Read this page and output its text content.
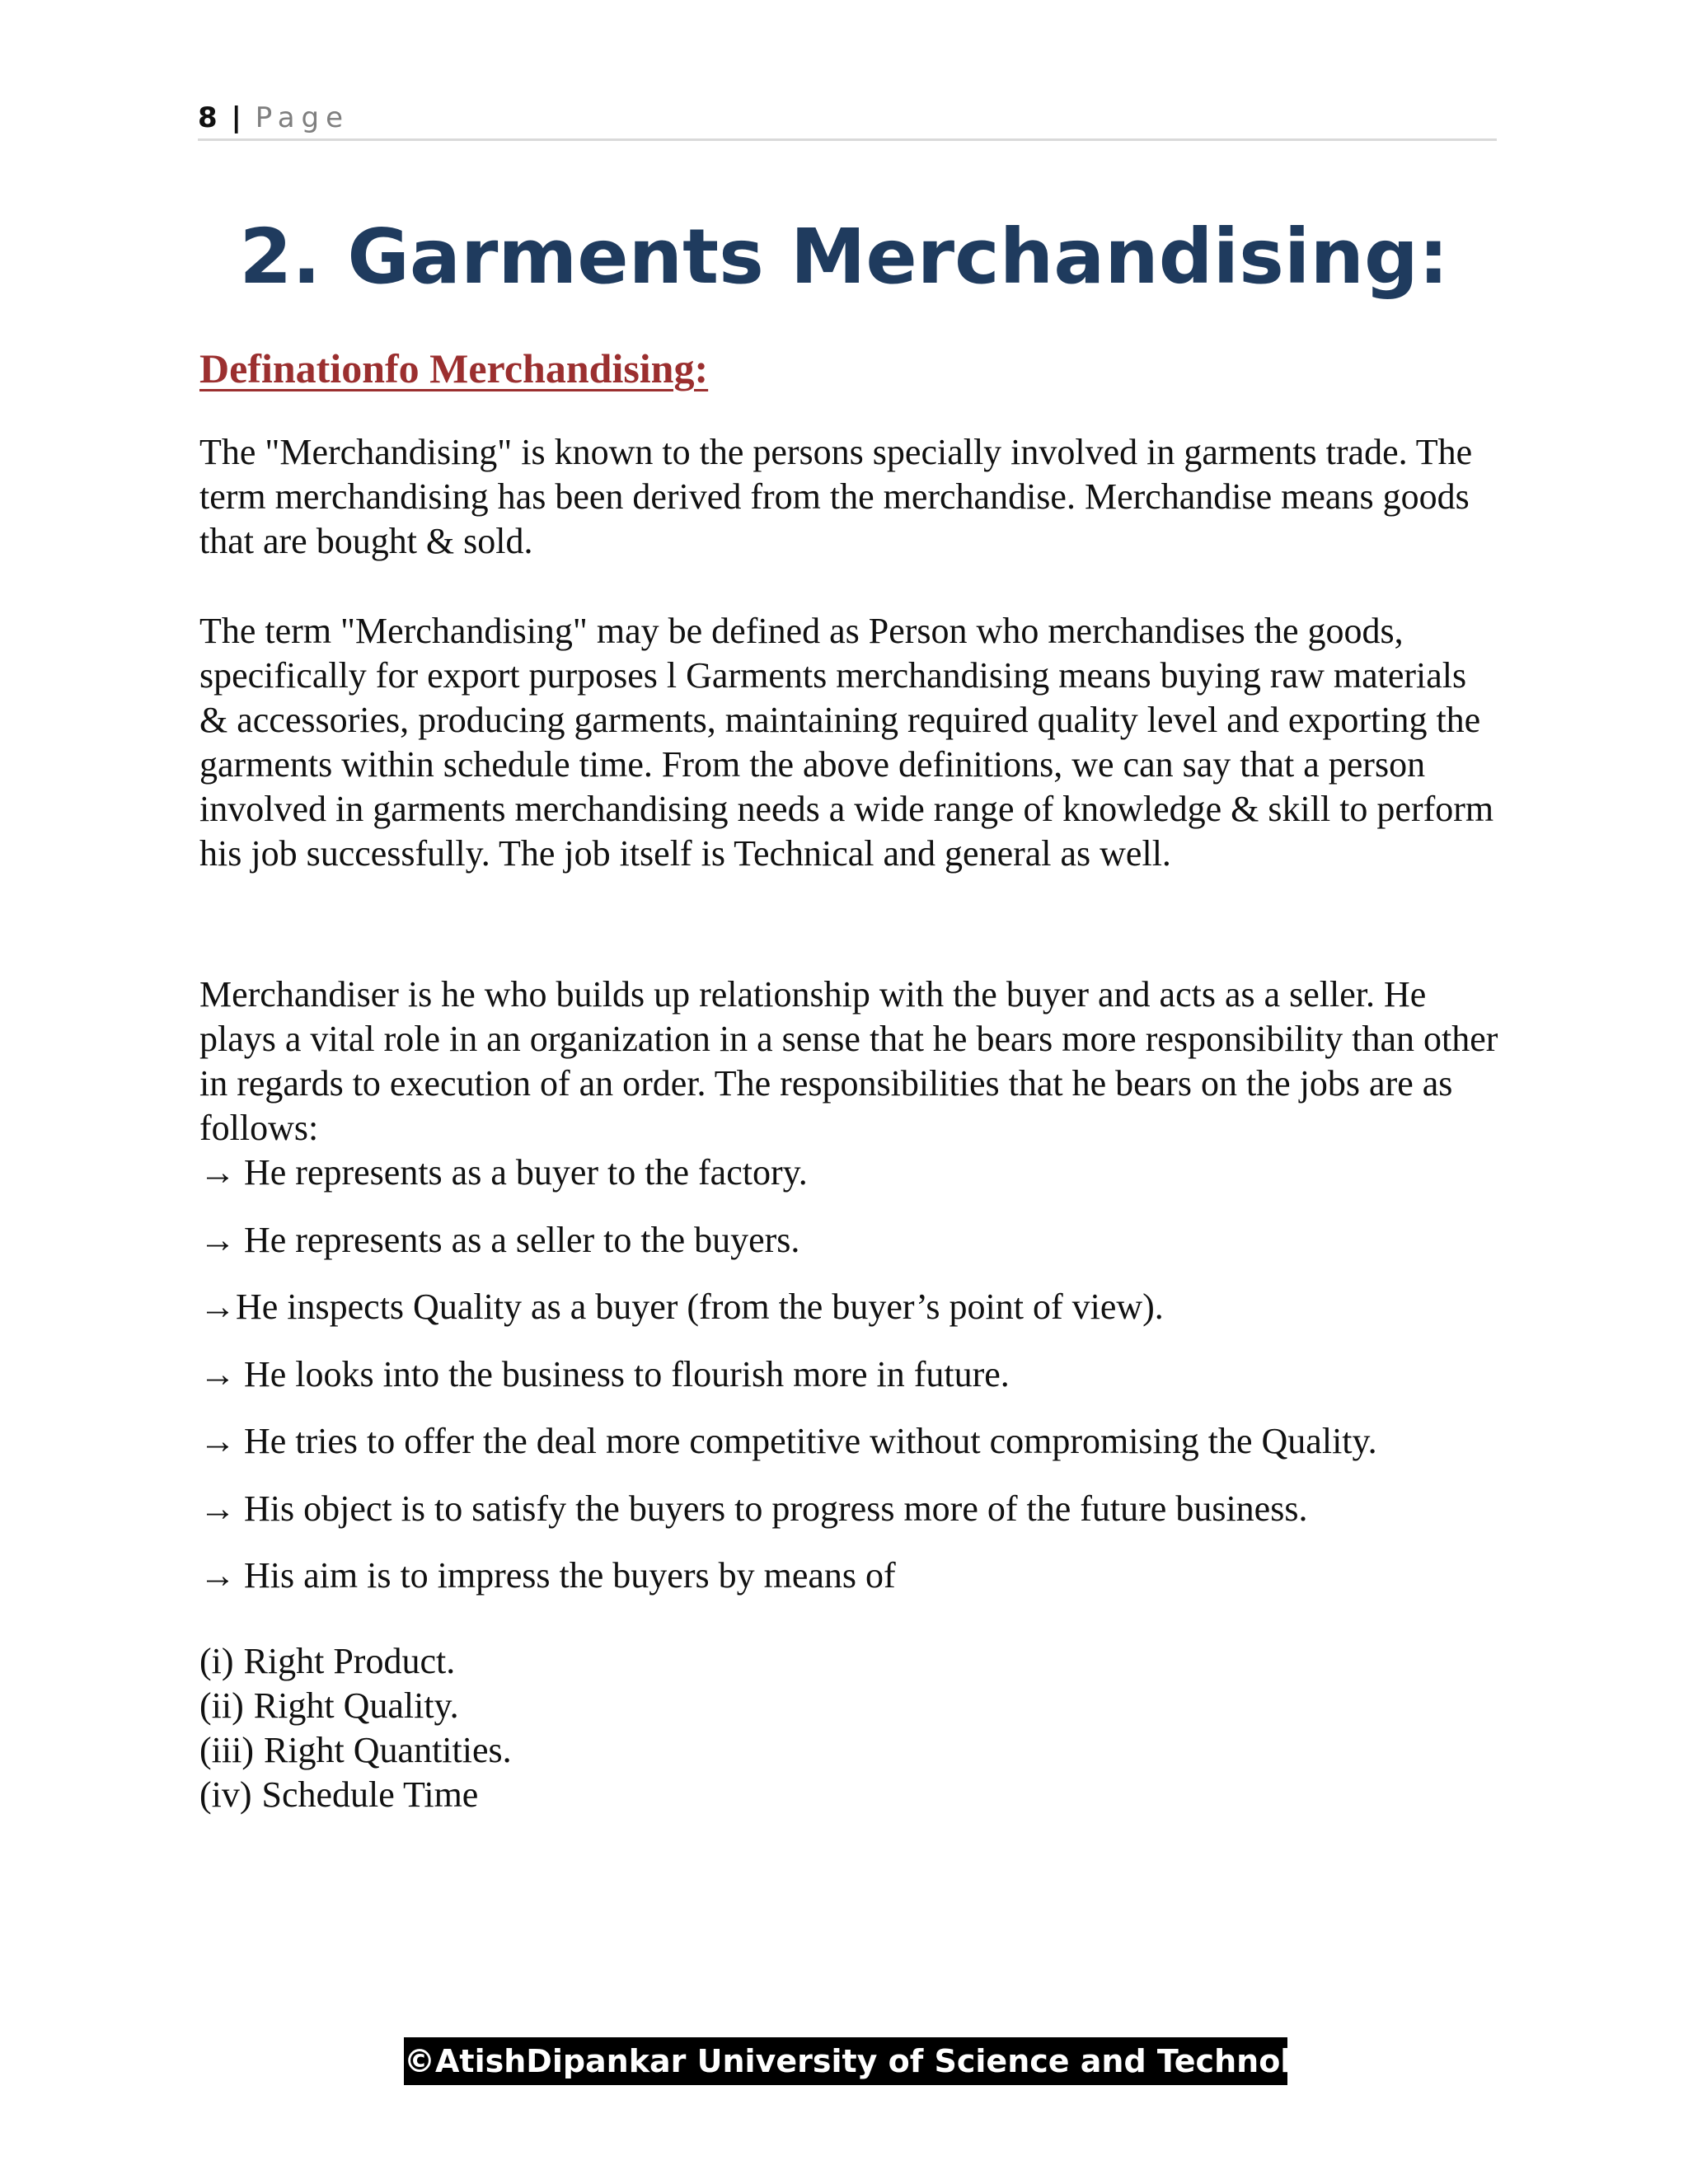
8 | Page
2. Garments Merchandising:
Definationfo Merchandising:

The "Merchandising" is known to the persons specially involved in garments trade. The term merchandising has been derived from the merchandise. Merchandise means goods that are bought & sold.

The term "Merchandising" may be defined as Person who merchandises the goods, specifically for export purposes l Garments merchandising means buying raw materials & accessories, producing garments, maintaining required quality level and exporting the garments within schedule time. From the above definitions, we can say that a person involved in garments merchandising needs a wide range of knowledge & skill to perform his job successfully. The job itself is Technical and general as well.

Merchandiser is he who builds up relationship with the buyer and acts as a seller. He plays a vital role in an organization in a sense that he bears more responsibility than other in regards to execution of an order. The responsibilities that he bears on the jobs are as follows:

→ He represents as a buyer to the factory.
→ He represents as a seller to the buyers.
→He inspects Quality as a buyer (from the buyer’s point of view).
→ He looks into the business to flourish more in future.
→ He tries to offer the deal more competitive without compromising the Quality.
→ His object is to satisfy the buyers to progress more of the future business.
→ His aim is to impress the buyers by means of
(i) Right Product.
(ii) Right Quality.
(iii) Right Quantities.
(iv) Schedule Time
©AtishDipankar University of Science and Technology
